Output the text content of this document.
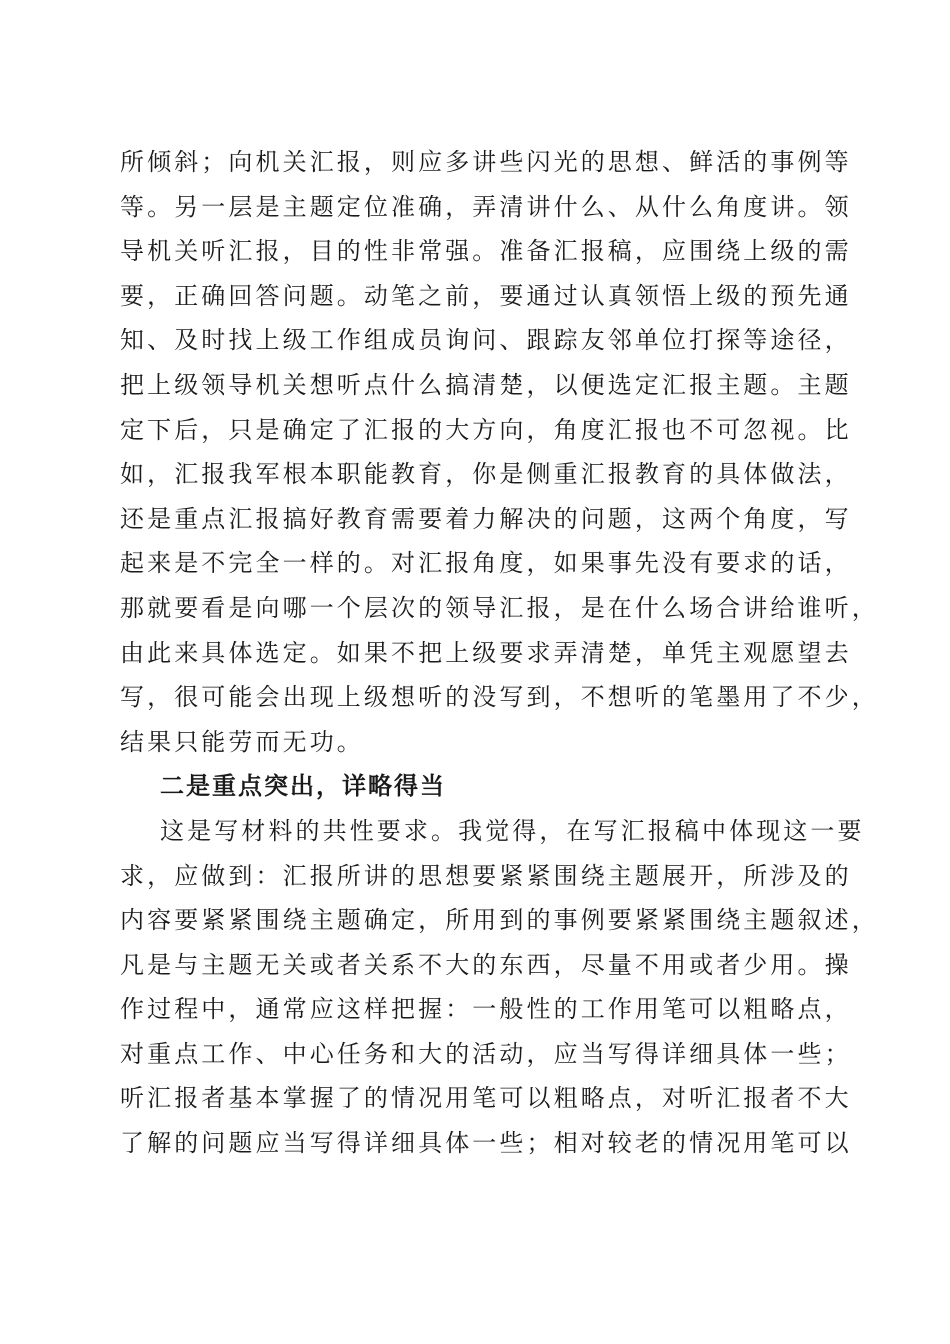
所倾斜；向机关汇报，则应多讲些闪光的思想、鲜活的事例等
等。另一层是主题定位准确，弄清讲什么、从什么角度讲。领
导机关听汇报，目的性非常强。准备汇报稿，应围绕上级的需
要，正确回答问题。动笔之前，要通过认真领悟上级的预先通
知、及时找上级工作组成员询问、跟踪友邻单位打探等途径，
把上级领导机关想听点什么搞清楚，以便选定汇报主题。主题
定下后，只是确定了汇报的大方向，角度汇报也不可忽视。比
如，汇报我军根本职能教育，你是侧重汇报教育的具体做法，
还是重点汇报搞好教育需要着力解决的问题，这两个角度，写
起来是不完全一样的。对汇报角度，如果事先没有要求的话，
那就要看是向哪一个层次的领导汇报，是在什么场合讲给谁听，
由此来具体选定。如果不把上级要求弄清楚，单凭主观愿望去
写，很可能会出现上级想听的没写到，不想听的笔墨用了不少，
结果只能劳而无功。
二是重点突出，详略得当
这是写材料的共性要求。我觉得，在写汇报稿中体现这一要
求，应做到：汇报所讲的思想要紧紧围绕主题展开，所涉及的
内容要紧紧围绕主题确定，所用到的事例要紧紧围绕主题叙述，
凡是与主题无关或者关系不大的东西，尽量不用或者少用。操
作过程中，通常应这样把握：一般性的工作用笔可以粗略点，
对重点工作、中心任务和大的活动，应当写得详细具体一些；
听汇报者基本掌握了的情况用笔可以粗略点，对听汇报者不大
了解的问题应当写得详细具体一些；相对较老的情况用笔可以
